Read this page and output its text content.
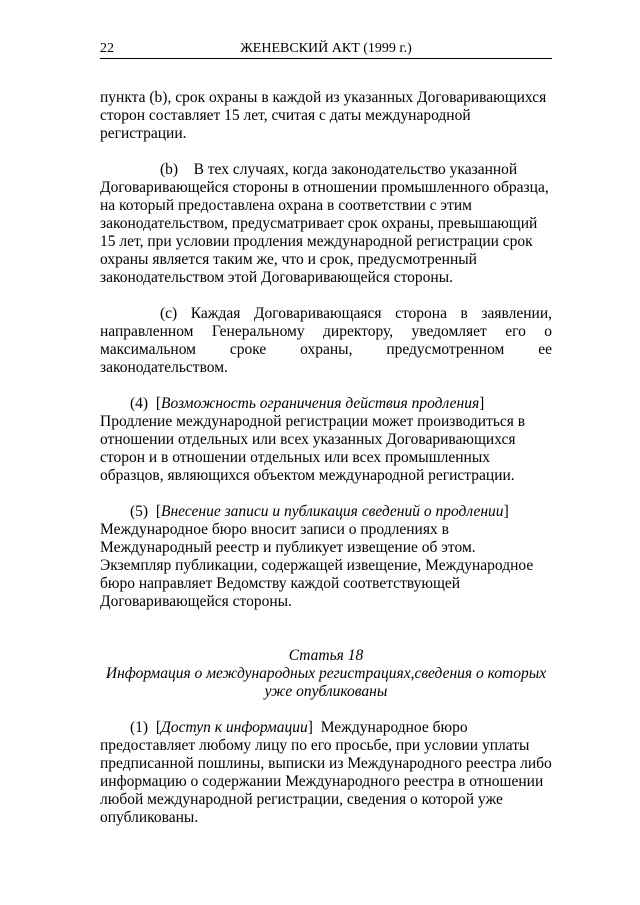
22	ЖЕНЕВСКИЙ АКТ (1999 г.)

пункта (b), срок охраны в каждой из указанных Договаривающихся
сторон составляет 15 лет, считая с даты международной
регистрации.

(b)    В тех случаях, когда законодательство указанной
Договаривающейся стороны в отношении промышленного образца,
на который предоставлена охрана в соответствии с этим
законодательством, предусматривает срок охраны, превышающий
15 лет, при условии продления международной регистрации срок
охраны является таким же, что и срок, предусмотренный
законодательством этой Договаривающейся стороны.

(c) Каждая Договаривающаяся сторона в заявлении,
направленном Генеральному директору, уведомляет его о
максимальном сроке охраны, предусмотренном ее
законодательством.

(4)  [Возможность ограничения действия продления]
Продление международной регистрации может производиться в
отношении отдельных или всех указанных Договаривающихся
сторон и в отношении отдельных или всех промышленных
образцов, являющихся объектом международной регистрации.

(5)  [Внесение записи и публикация сведений о продлении]
Международное бюро вносит записи о продлениях в
Международный реестр и публикует извещение об этом.
Экземпляр публикации, содержащей извещение, Международное
бюро направляет Ведомству каждой соответствующей
Договаривающейся стороны.

Статья 18
Информация о международных регистрациях,сведения о которых
уже опубликованы

(1)  [Доступ к информации]  Международное бюро
предоставляет любому лицу по его просьбе, при условии уплаты
предписанной пошлины, выписки из Международного реестра либо
информацию о содержании Международного реестра в отношении
любой международной регистрации, сведения о которой уже
опубликованы.
